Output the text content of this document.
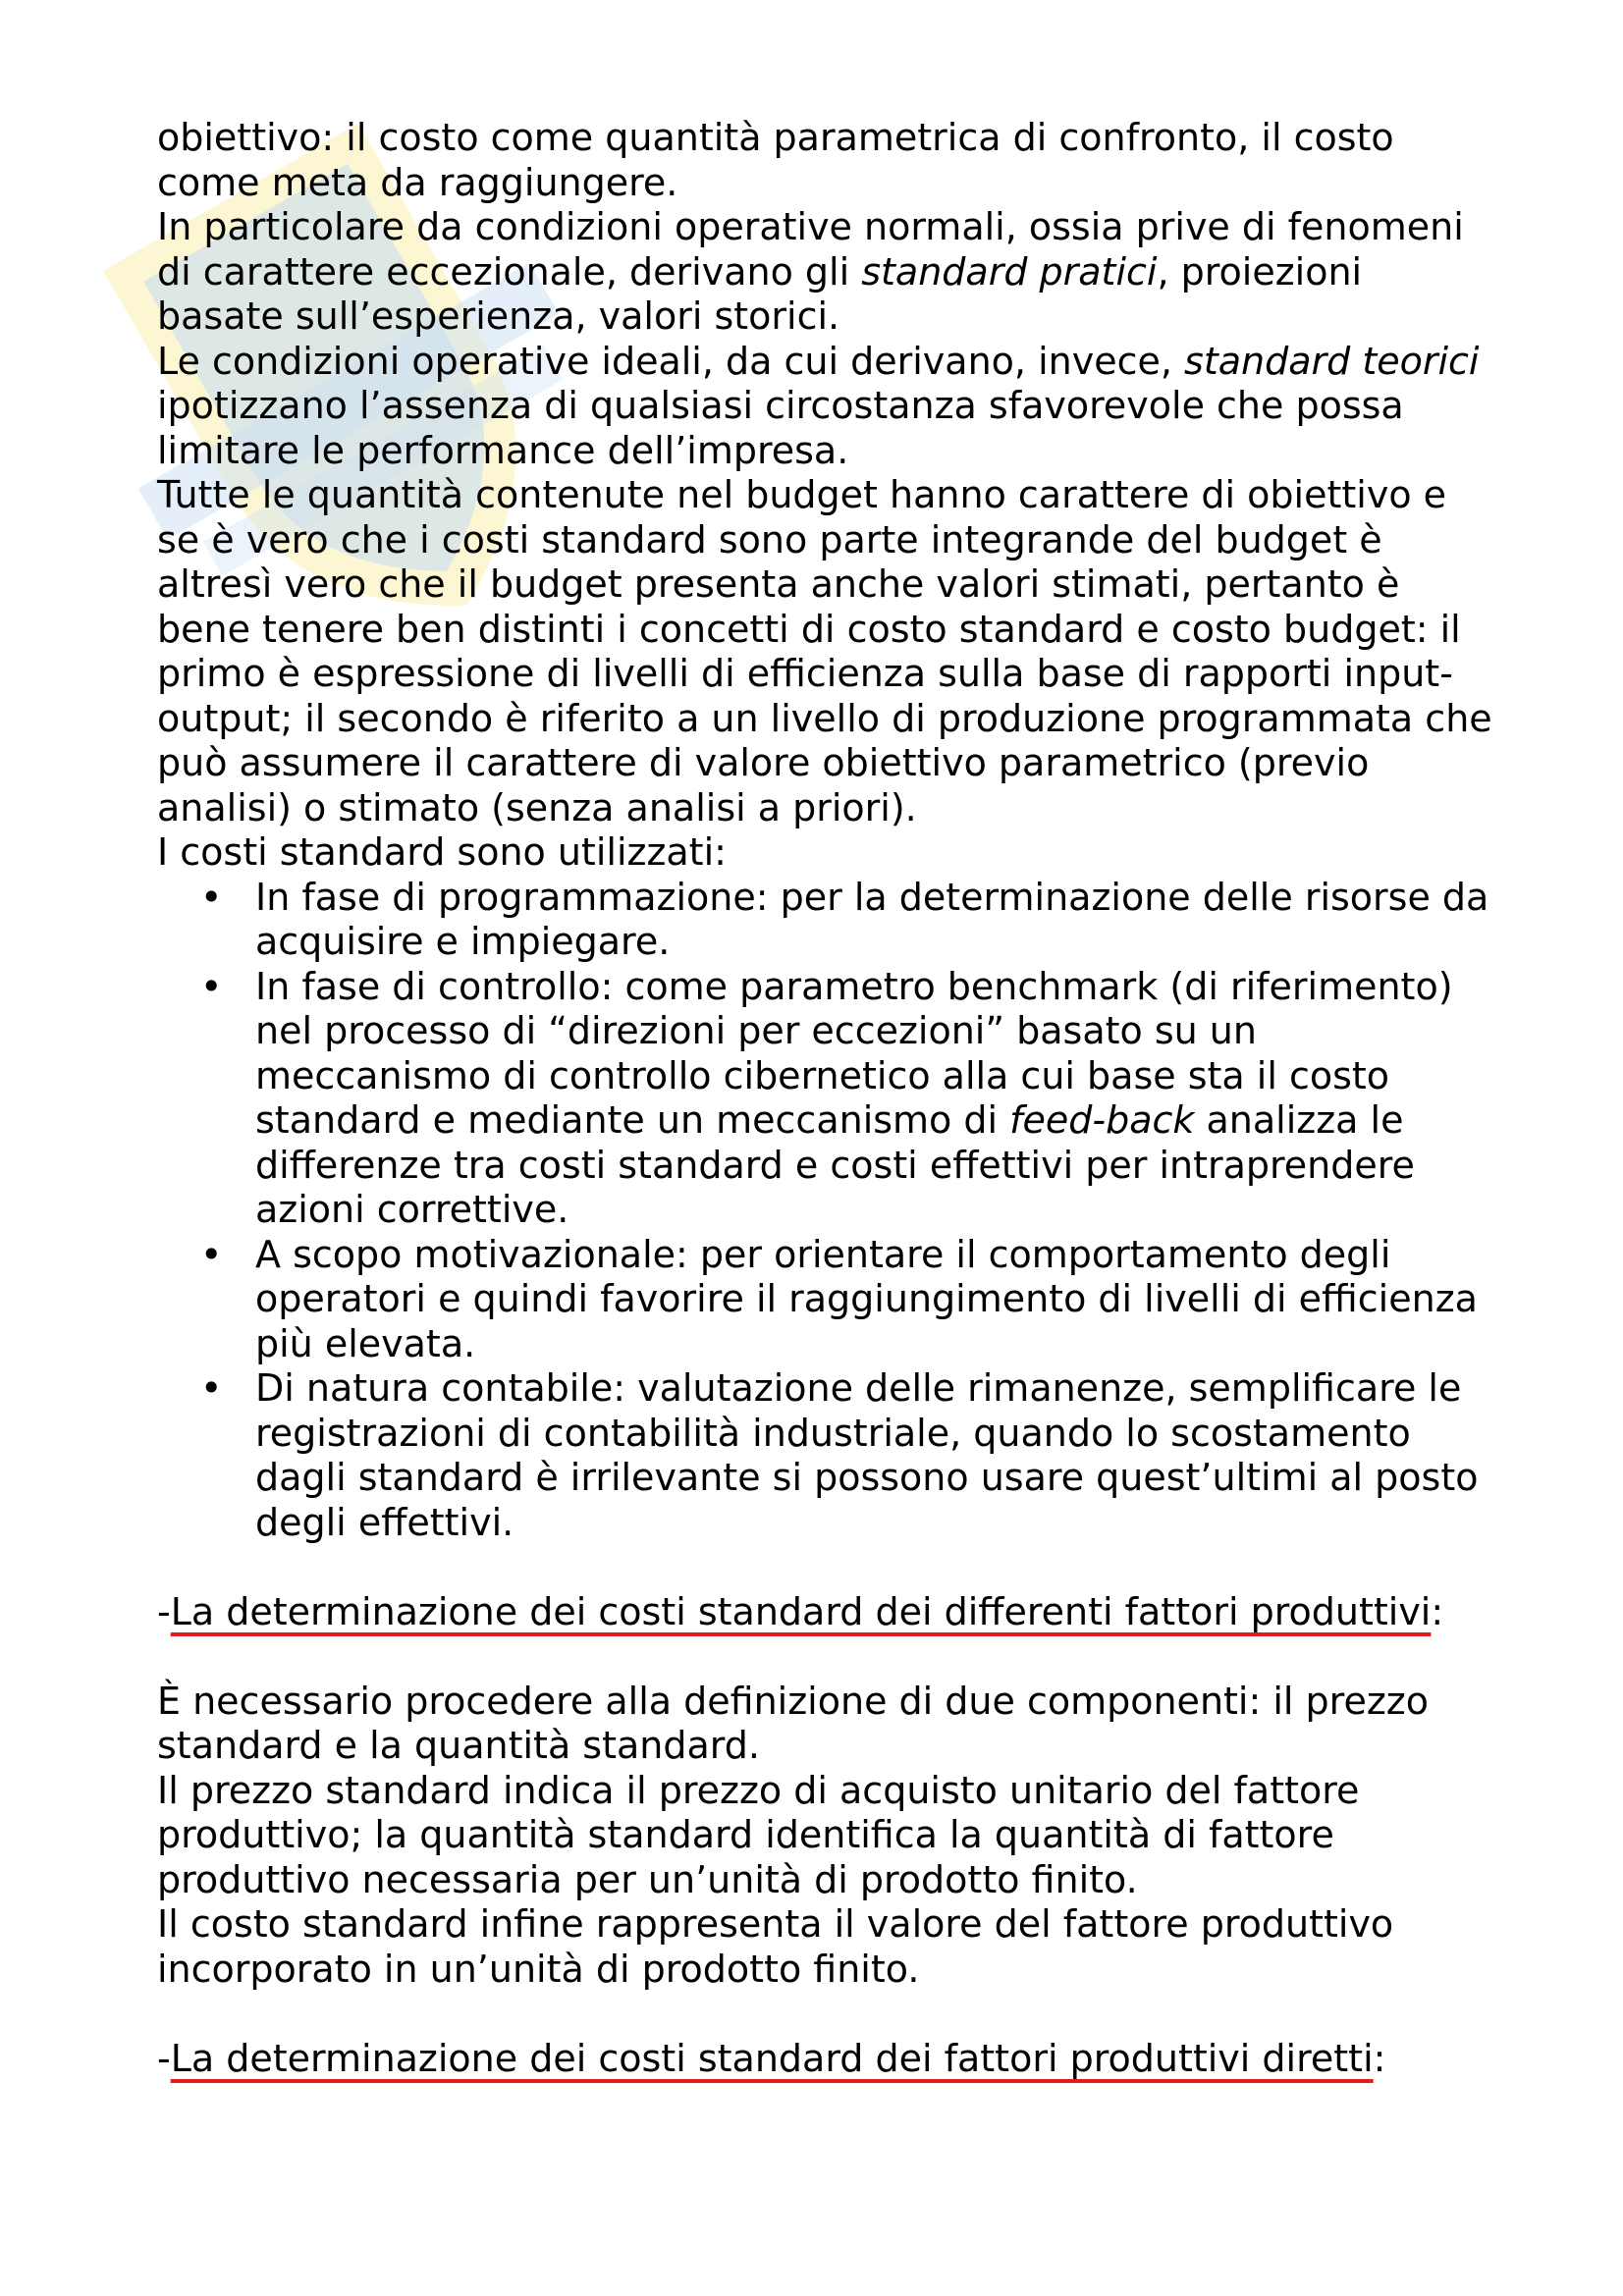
obiettivo: il costo come quantità parametrica di confronto, il costo come meta da raggiungere.

In particolare da condizioni operative normali, ossia prive di fenomeni di carattere eccezionale, derivano gli standard pratici, proiezioni basate sull’esperienza, valori storici.

Le condizioni operative ideali, da cui derivano, invece, standard teorici ipotizzano l’assenza di qualsiasi circostanza sfavorevole che possa limitare le performance dell’impresa.

Tutte le quantità contenute nel budget hanno carattere di obiettivo e se è vero che i costi standard sono parte integrande del budget è altresì vero che il budget presenta anche valori stimati, pertanto è bene tenere ben distinti i concetti di costo standard e costo budget: il primo è espressione di livelli di efficienza sulla base di rapporti input-output; il secondo è riferito a un livello di produzione programmata che può assumere il carattere di valore obiettivo parametrico (previo analisi) o stimato (senza analisi a priori).

I costi standard sono utilizzati:

• In fase di programmazione: per la determinazione delle risorse da acquisire e impiegare.
• In fase di controllo: come parametro benchmark (di riferimento) nel processo di “direzioni per eccezioni” basato su un meccanismo di controllo cibernetico alla cui base sta il costo standard e mediante un meccanismo di feed-back analizza le differenze tra costi standard e costi effettivi per intraprendere azioni correttive.
• A scopo motivazionale: per orientare il comportamento degli operatori e quindi favorire il raggiungimento di livelli di efficienza più elevata.
• Di natura contabile: valutazione delle rimanenze, semplificare le registrazioni di contabilità industriale, quando lo scostamento dagli standard è irrilevante si possono usare quest’ultimi al posto degli effettivi.

-La determinazione dei costi standard dei differenti fattori produttivi:

È necessario procedere alla definizione di due componenti: il prezzo standard e la quantità standard.

Il prezzo standard indica il prezzo di acquisto unitario del fattore produttivo; la quantità standard identifica la quantità di fattore produttivo necessaria per un’unità di prodotto finito.

Il costo standard infine rappresenta il valore del fattore produttivo incorporato in un’unità di prodotto finito.

-La determinazione dei costi standard dei fattori produttivi diretti:
